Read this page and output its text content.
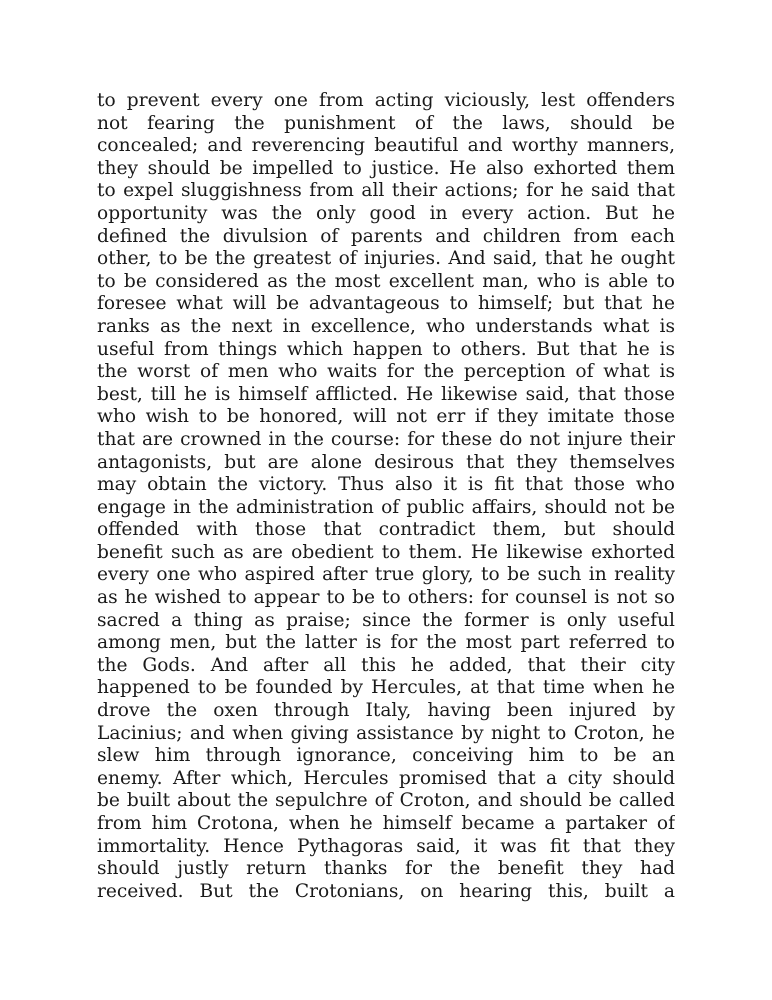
to prevent every one from acting viciously, lest offenders
not fearing the punishment of the laws, should be
concealed; and reverencing beautiful and worthy manners,
they should be impelled to justice. He also exhorted them
to expel sluggishness from all their actions; for he said that
opportunity was the only good in every action. But he
defined the divulsion of parents and children from each
other, to be the greatest of injuries. And said, that he ought
to be considered as the most excellent man, who is able to
foresee what will be advantageous to himself; but that he
ranks as the next in excellence, who understands what is
useful from things which happen to others. But that he is
the worst of men who waits for the perception of what is
best, till he is himself afflicted. He likewise said, that those
who wish to be honored, will not err if they imitate those
that are crowned in the course: for these do not injure their
antagonists, but are alone desirous that they themselves
may obtain the victory. Thus also it is fit that those who
engage in the administration of public affairs, should not be
offended with those that contradict them, but should
benefit such as are obedient to them. He likewise exhorted
every one who aspired after true glory, to be such in reality
as he wished to appear to be to others: for counsel is not so
sacred a thing as praise; since the former is only useful
among men, but the latter is for the most part referred to
the Gods. And after all this he added, that their city
happened to be founded by Hercules, at that time when he
drove the oxen through Italy, having been injured by
Lacinius; and when giving assistance by night to Croton, he
slew him through ignorance, conceiving him to be an
enemy. After which, Hercules promised that a city should
be built about the sepulchre of Croton, and should be called
from him Crotona, when he himself became a partaker of
immortality. Hence Pythagoras said, it was fit that they
should justly return thanks for the benefit they had
received. But the Crotonians, on hearing this, built a
